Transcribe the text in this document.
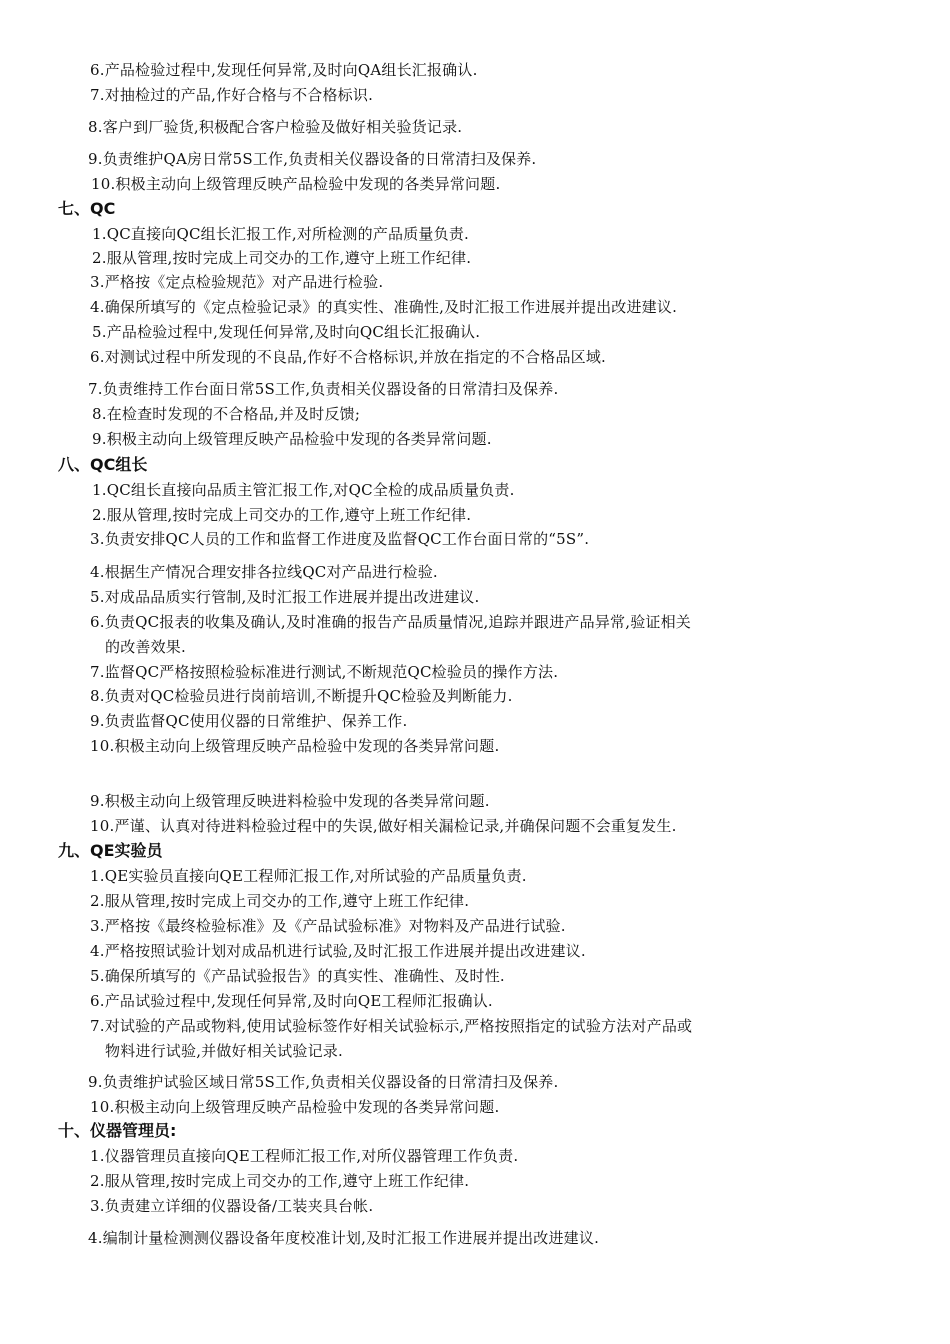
6.产品检验过程中,发现任何异常,及时向QA组长汇报确认.
7.对抽检过的产品,作好合格与不合格标识.
8.客户到厂验货,积极配合客户检验及做好相关验货记录.
9.负责维护QA房日常5S工作,负责相关仪器设备的日常清扫及保养.
10.积极主动向上级管理反映产品检验中发现的各类异常问题.
七、QC
1.QC直接向QC组长汇报工作,对所检测的产品质量负责.
2.服从管理,按时完成上司交办的工作,遵守上班工作纪律.
3.严格按《定点检验规范》对产品进行检验.
4.确保所填写的《定点检验记录》的真实性、准确性,及时汇报工作进展并提出改进建议.
5.产品检验过程中,发现任何异常,及时向QC组长汇报确认.
6.对测试过程中所发现的不良品,作好不合格标识,并放在指定的不合格品区域.
7.负责维持工作台面日常5S工作,负责相关仪器设备的日常清扫及保养.
8.在检查时发现的不合格品,并及时反馈;
9.积极主动向上级管理反映产品检验中发现的各类异常问题.
八、QC组长
1.QC组长直接向品质主管汇报工作,对QC全检的成品质量负责.
2.服从管理,按时完成上司交办的工作,遵守上班工作纪律.
3.负责安排QC人员的工作和监督工作进度及监督QC工作台面日常的“5S”.
4.根据生产情况合理安排各拉线QC对产品进行检验.
5.对成品品质实行管制,及时汇报工作进展并提出改进建议.
6.负责QC报表的收集及确认,及时准确的报告产品质量情况,追踪并跟进产品异常,验证相关
的改善效果.
7.监督QC严格按照检验标准进行测试,不断规范QC检验员的操作方法.
8.负责对QC检验员进行岗前培训,不断提升QC检验及判断能力.
9.负责监督QC使用仪器的日常维护、保养工作.
10.积极主动向上级管理反映产品检验中发现的各类异常问题.
9.积极主动向上级管理反映进料检验中发现的各类异常问题.
10.严谨、认真对待进料检验过程中的失误,做好相关漏检记录,并确保问题不会重复发生.
九、QE实验员
1.QE实验员直接向QE工程师汇报工作,对所试验的产品质量负责.
2.服从管理,按时完成上司交办的工作,遵守上班工作纪律.
3.严格按《最终检验标准》及《产品试验标准》对物料及产品进行试验.
4.严格按照试验计划对成品机进行试验,及时汇报工作进展并提出改进建议.
5.确保所填写的《产品试验报告》的真实性、准确性、及时性.
6.产品试验过程中,发现任何异常,及时向QE工程师汇报确认.
7.对试验的产品或物料,使用试验标签作好相关试验标示,严格按照指定的试验方法对产品或
物料进行试验,并做好相关试验记录.
9.负责维护试验区域日常5S工作,负责相关仪器设备的日常清扫及保养.
10.积极主动向上级管理反映产品检验中发现的各类异常问题.
十、仪器管理员:
1.仪器管理员直接向QE工程师汇报工作,对所仪器管理工作负责.
2.服从管理,按时完成上司交办的工作,遵守上班工作纪律.
3.负责建立详细的仪器设备/工装夹具台帐.
4.编制计量检测测仪器设备年度校准计划,及时汇报工作进展并提出改进建议.
